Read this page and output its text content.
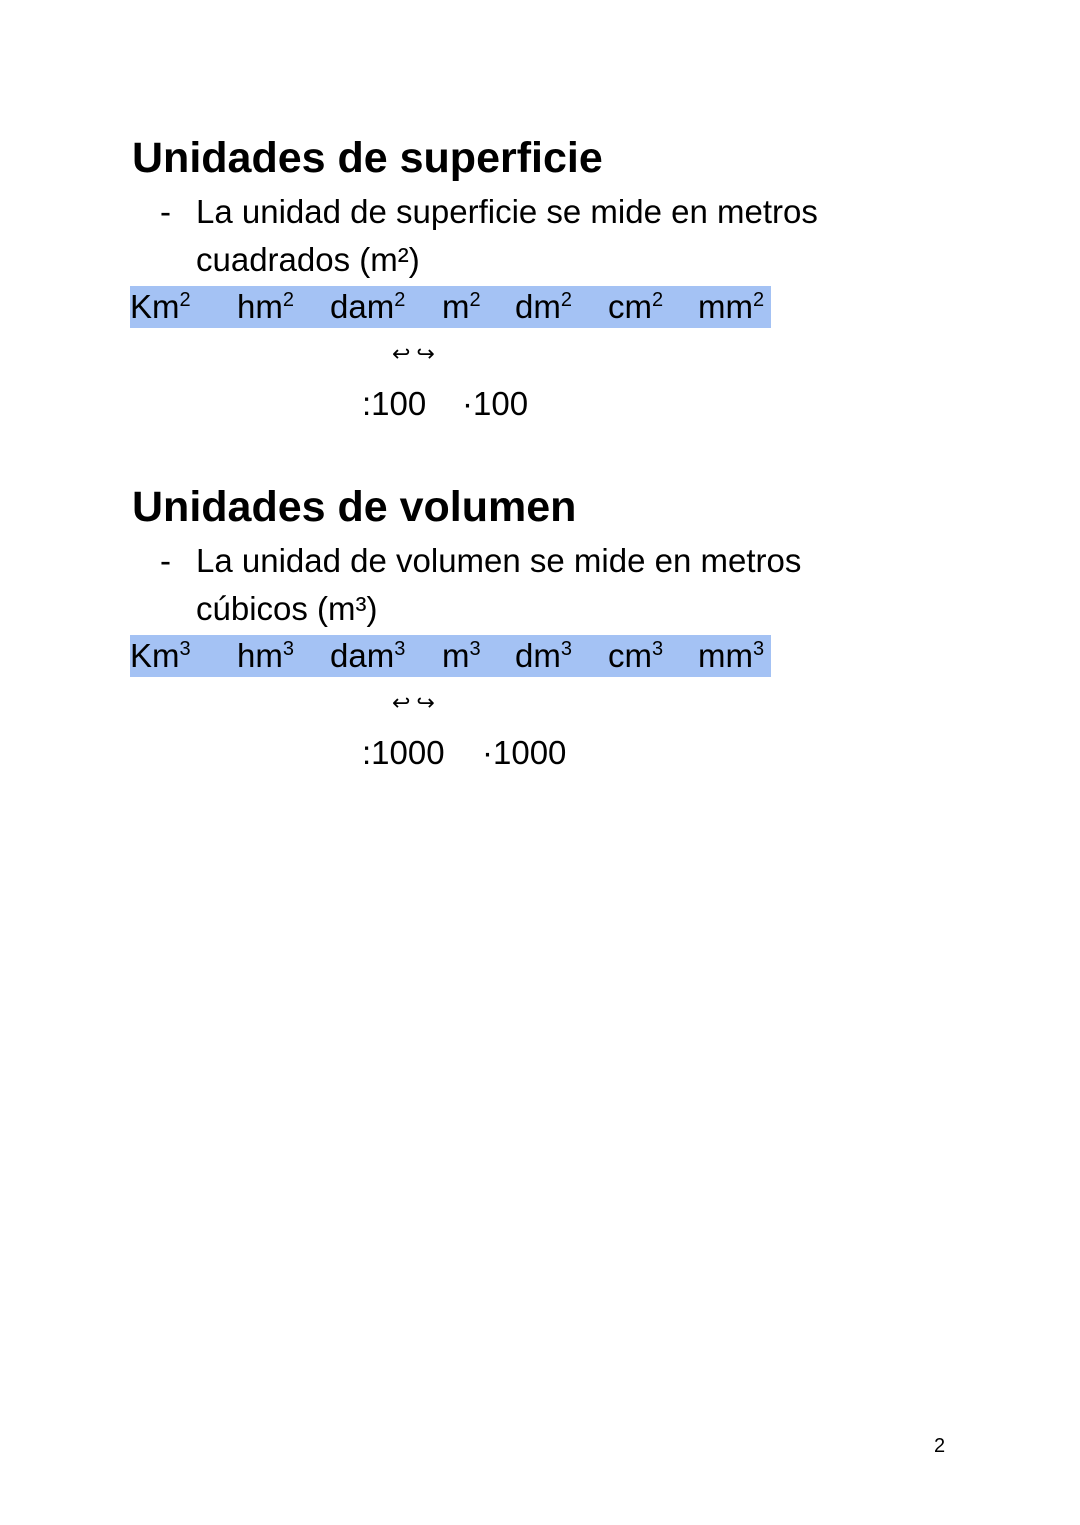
Unidades de superficie
- La unidad de superficie se mide en metros
cuadrados (m²)
Km$^2$ $hm^2$ dam$^2$ $m^2$ $dm^2$ $cm^2$ $mm^2$
↩↪
:100 ·100
Unidades de volumen
- La unidad de volumen se mide en metros
cúbicos (m³)
Km$^3$ $hm^3$ dam$^3$ $m^3$ $dm^3$ $cm^3$ $mm^3$
↩↪
:1000 ·1000
2
